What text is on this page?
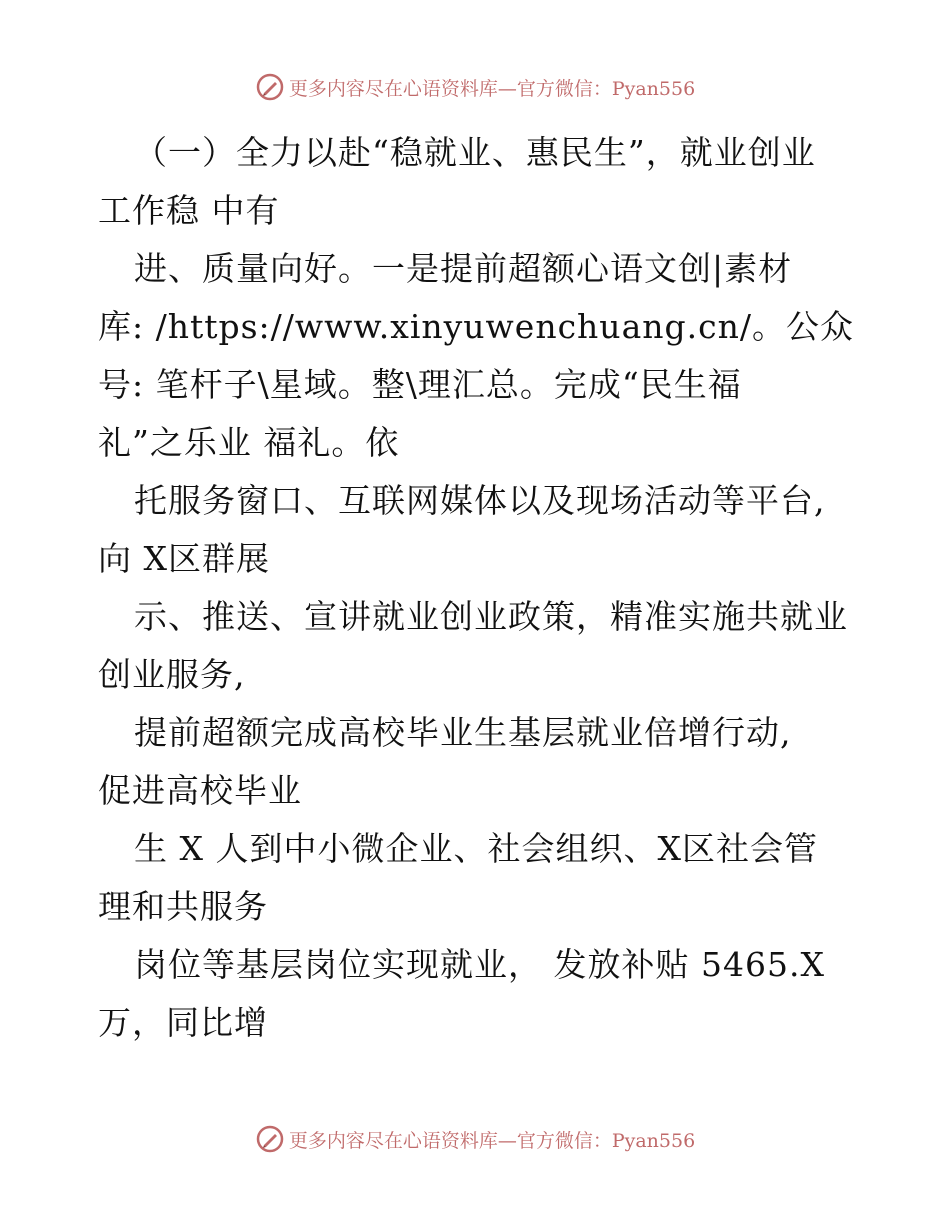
更多内容尽在心语资料库—官方微信：Pyan556
（一）全力以赴“稳就业、惠民生”，就业创业
工作稳 中有
进、质量向好。一是提前超额心语文创|素材
库: /https://www.xinyuwenchuang.cn/。公众
号: 笔杆子\星域。整\理汇总。完成“民生福
礼”之乐业 福礼。依
托服务窗口、互联网媒体以及现场活动等平台,
向 X区群展
示、推送、宣讲就业创业政策，精准实施共就业
创业服务,
提前超额完成高校毕业生基层就业倍增行动,
促进高校毕业
生 X 人到中小微企业、社会组织、X区社会管
理和共服务
岗位等基层岗位实现就业， 发放补贴 5465.X
万，同比增
更多内容尽在心语资料库—官方微信：Pyan556
